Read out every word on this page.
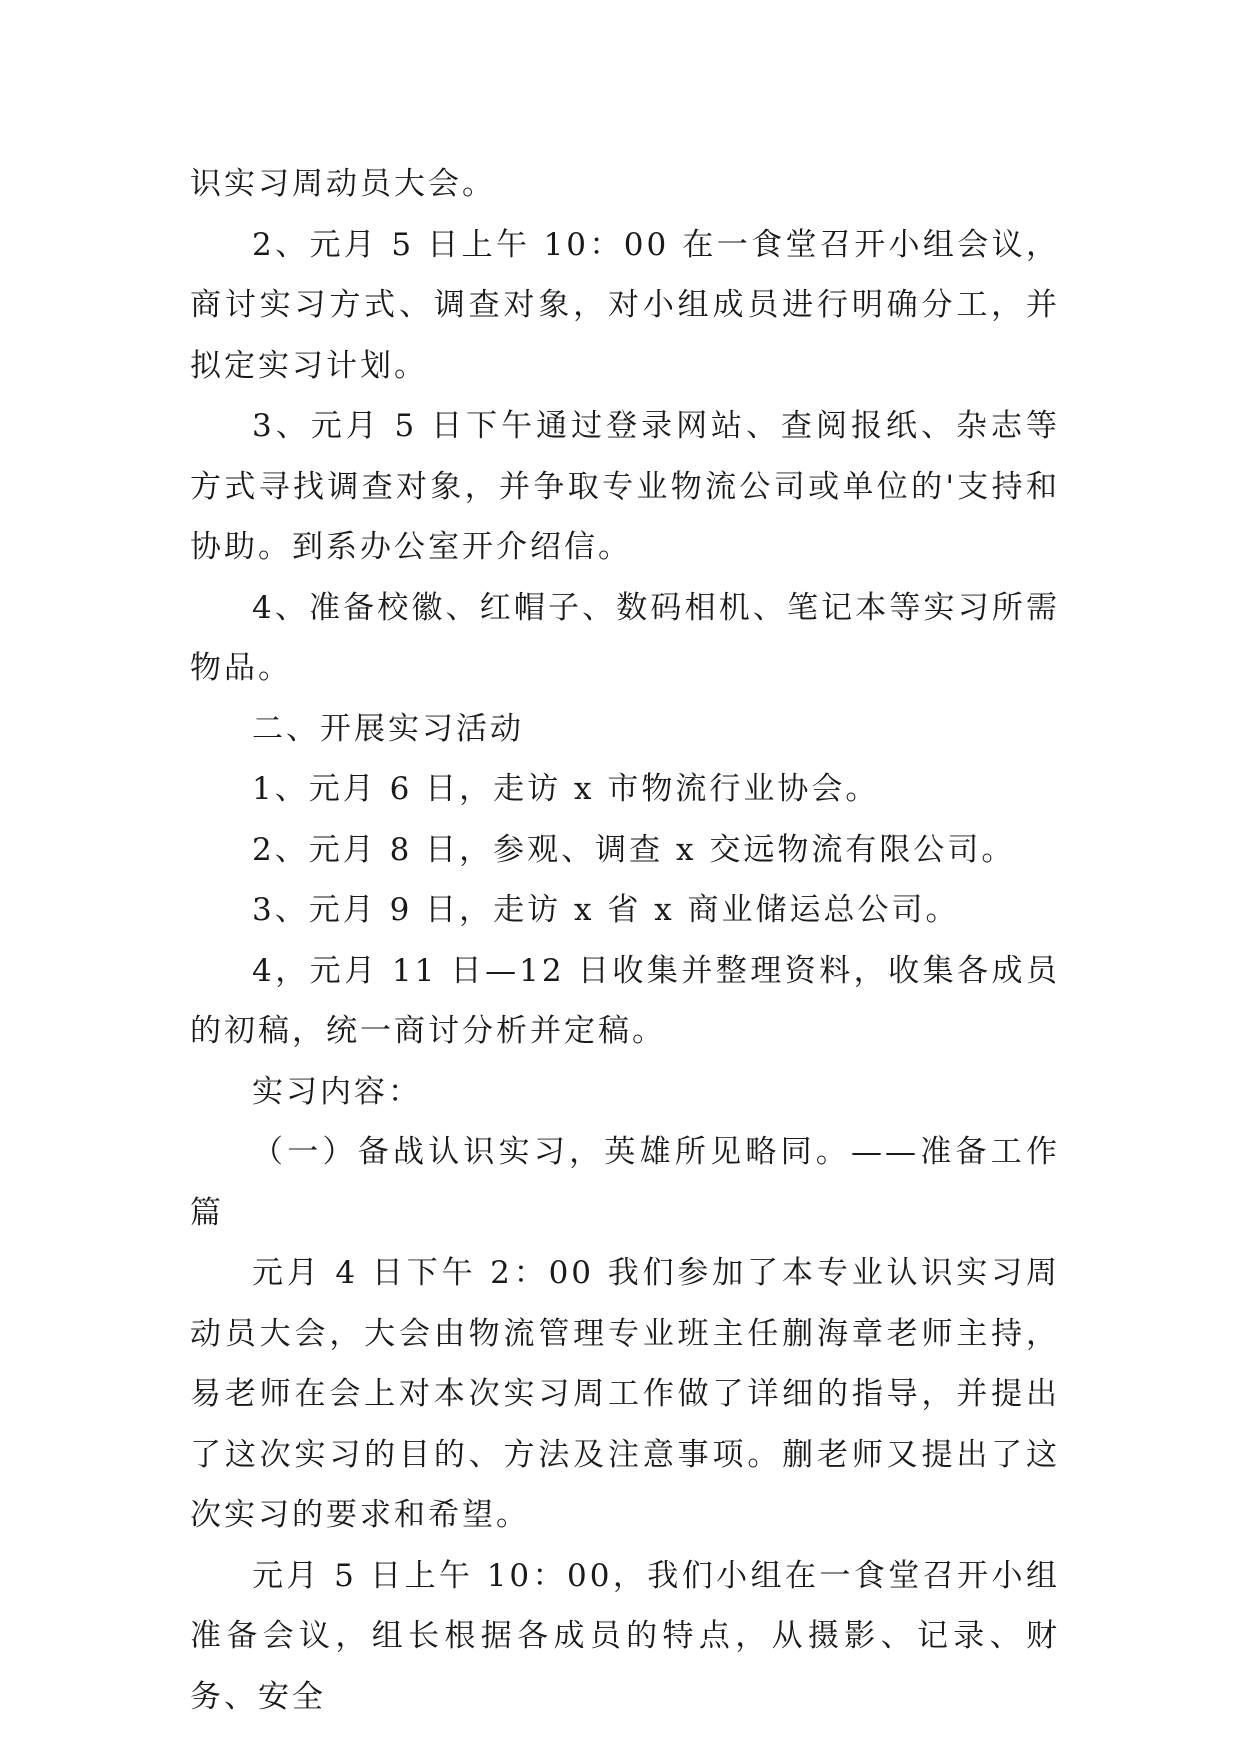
识实习周动员大会。

2、元月 5 日上午 10：00 在一食堂召开小组会议，商讨实习方式、调查对象，对小组成员进行明确分工，并拟定实习计划。

3、元月 5 日下午通过登录网站、查阅报纸、杂志等方式寻找调查对象，并争取专业物流公司或单位的'支持和协助。到系办公室开介绍信。

4、准备校徽、红帽子、数码相机、笔记本等实习所需物品。

二、开展实习活动

1、元月 6 日，走访 x 市物流行业协会。

2、元月 8 日，参观、调查 x 交远物流有限公司。

3、元月 9 日，走访 x 省 x 商业储运总公司。

4，元月 11 日—12 日收集并整理资料，收集各成员的初稿，统一商讨分析并定稿。

实习内容：

（一）备战认识实习，英雄所见略同。——准备工作篇

元月 4 日下午 2：00 我们参加了本专业认识实习周动员大会，大会由物流管理专业班主任蒯海章老师主持，易老师在会上对本次实习周工作做了详细的指导，并提出了这次实习的目的、方法及注意事项。蒯老师又提出了这次实习的要求和希望。

元月 5 日上午 10：00，我们小组在一食堂召开小组准备会议，组长根据各成员的特点，从摄影、记录、财务、安全
